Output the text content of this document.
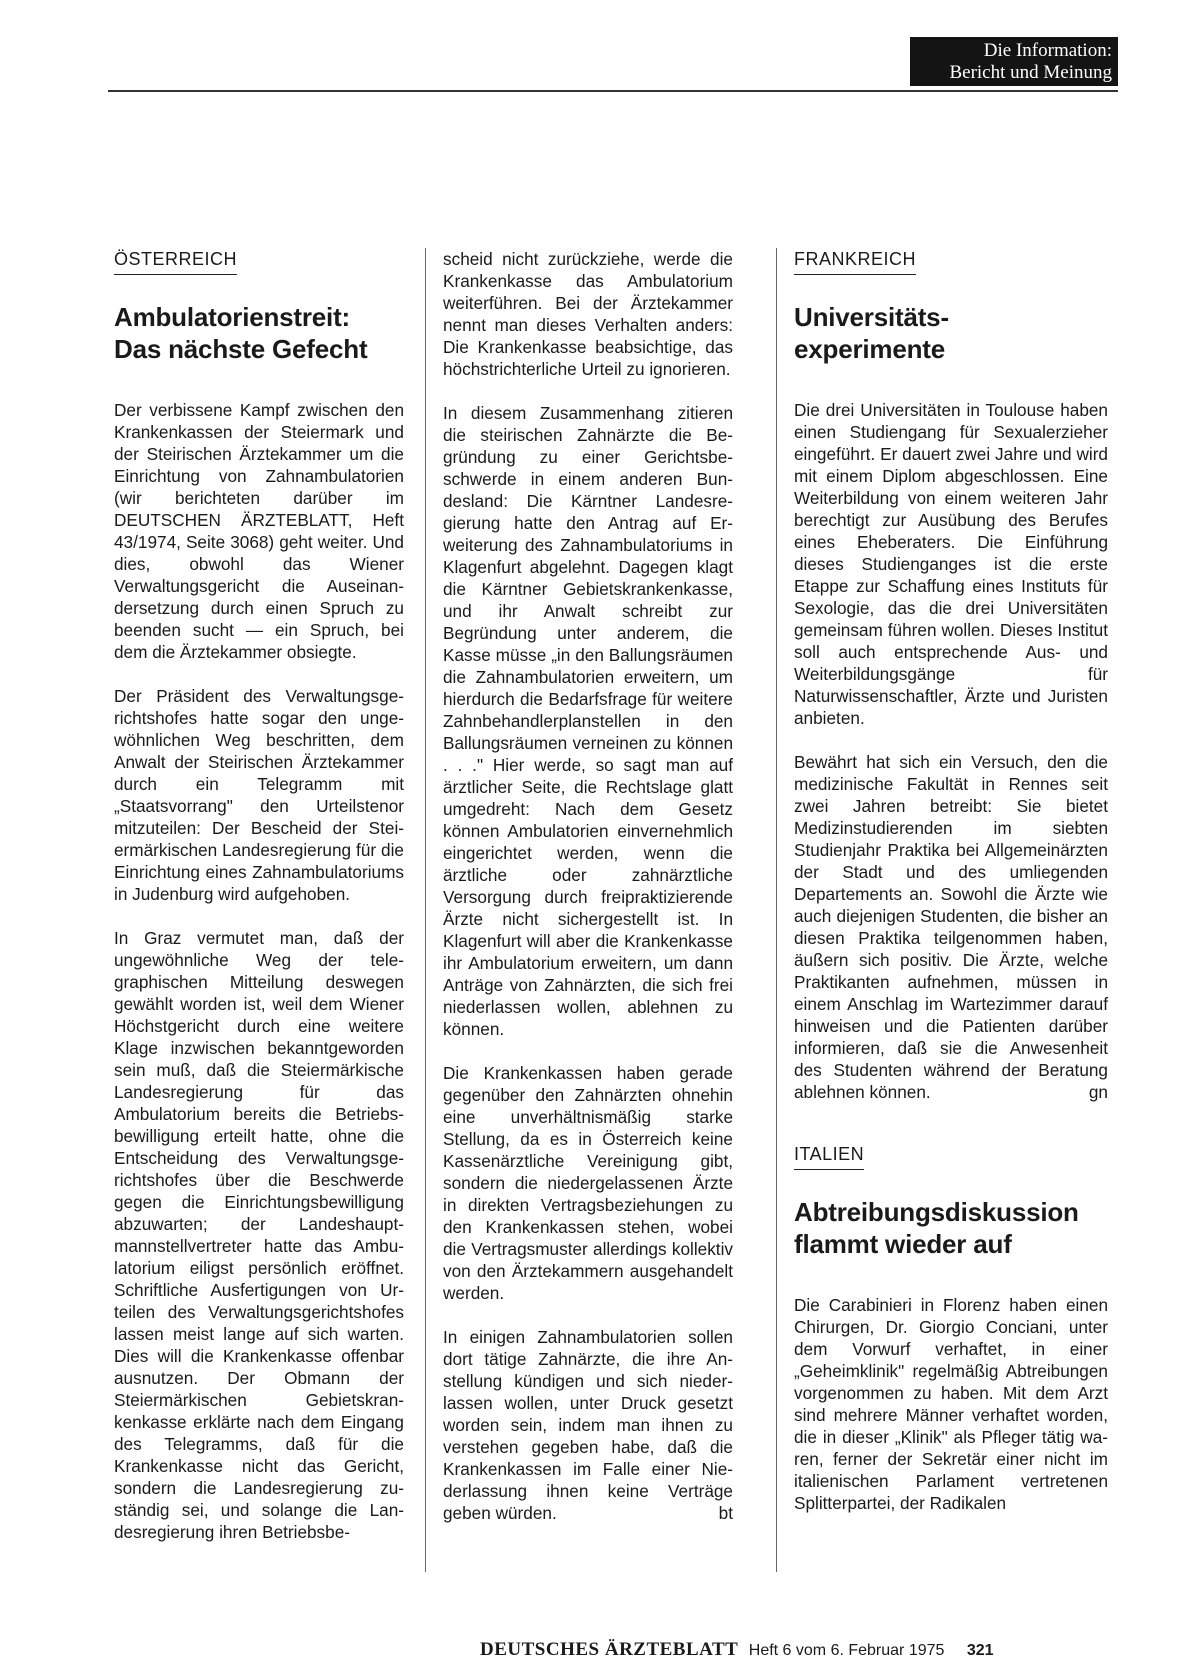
Die Information:
Bericht und Meinung
ÖSTERREICH
Ambulatorienstreit:
Das nächste Gefecht

Der verbissene Kampf zwischen den Krankenkassen der Steiermark und der Steirischen Ärztekammer um die Einrichtung von Zahnambulatorien (wir berichteten darüber im DEUTSCHEN ÄRZTEBLATT, Heft 43/1974, Seite 3068) geht weiter. Und dies, obwohl das Wiener Verwaltungsgericht die Auseinandersetzung durch einen Spruch zu beenden sucht — ein Spruch, bei dem die Ärztekammer obsiegte.

Der Präsident des Verwaltungsgerichtshofes hatte sogar den ungewöhnlichen Weg beschritten, dem Anwalt der Steirischen Ärztekammer durch ein Telegramm mit „Staatsvorrang" den Urteilstenor mitzuteilen: Der Bescheid der Steiermärkischen Landesregierung für die Einrichtung eines Zahnambulatoriums in Judenburg wird aufgehoben.

In Graz vermutet man, daß der ungewöhnliche Weg der telegraphischen Mitteilung deswegen gewählt worden ist, weil dem Wiener Höchstgericht durch eine weitere Klage inzwischen bekanntgeworden sein muß, daß die Steiermärkische Landesregierung für das Ambulatorium bereits die Betriebsbewilligung erteilt hatte, ohne die Entscheidung des Verwaltungsgerichtshofes über die Beschwerde gegen die Einrichtungsbewilligung abzuwarten; der Landeshauptmannstellvertreter hatte das Ambulatorium eiligst persönlich eröffnet. Schriftliche Ausfertigungen von Urteilen des Verwaltungsgerichtshofes lassen meist lange auf sich warten. Dies will die Krankenkasse offenbar ausnutzen. Der Obmann der Steiermärkischen Gebietskrankenkasse erklärte nach dem Eingang des Telegramms, daß für die Krankenkasse nicht das Gericht, sondern die Landesregierung zuständig sei, und solange die Landesregierung ihren Betriebsbe-

scheid nicht zurückziehe, werde die Krankenkasse das Ambulatorium weiterführen. Bei der Ärztekammer nennt man dieses Verhalten anders: Die Krankenkasse beabsichtige, das höchstrichterliche Urteil zu ignorieren.

In diesem Zusammenhang zitieren die steirischen Zahnärzte die Begründung zu einer Gerichtsbeschwerde in einem anderen Bundesland: Die Kärntner Landesregierung hatte den Antrag auf Erweiterung des Zahnambulatoriums in Klagenfurt abgelehnt. Dagegen klagt die Kärntner Gebietskrankenkasse, und ihr Anwalt schreibt zur Begründung unter anderem, die Kasse müsse „in den Ballungsräumen die Zahnambulatorien erweitern, um hierdurch die Bedarfsfrage für weitere Zahnbehandlerplanstellen in den Ballungsräumen verneinen zu können . . ." Hier werde, so sagt man auf ärztlicher Seite, die Rechtslage glatt umgedreht: Nach dem Gesetz können Ambulatorien einvernehmlich eingerichtet werden, wenn die ärztliche oder zahnärztliche Versorgung durch freipraktizierende Ärzte nicht sichergestellt ist. In Klagenfurt will aber die Krankenkasse ihr Ambulatorium erweitern, um dann Anträge von Zahnärzten, die sich frei niederlassen wollen, ablehnen zu können.

Die Krankenkassen haben gerade gegenüber den Zahnärzten ohnehin eine unverhältnismäßig starke Stellung, da es in Österreich keine Kassenärztliche Vereinigung gibt, sondern die niedergelassenen Ärzte in direkten Vertragsbeziehungen zu den Krankenkassen stehen, wobei die Vertragsmuster allerdings kollektiv von den Ärztekammern ausgehandelt werden.

In einigen Zahnambulatorien sollen dort tätige Zahnärzte, die ihre Anstellung kündigen und sich niederlassen wollen, unter Druck gesetzt worden sein, indem man ihnen zu verstehen gegeben habe, daß die Krankenkassen im Falle einer Niederlassung ihnen keine Verträge geben würden.	bt

FRANKREICH
Universitäts-
experimente

Die drei Universitäten in Toulouse haben einen Studiengang für Sexualerzieher eingeführt. Er dauert zwei Jahre und wird mit einem Diplom abgeschlossen. Eine Weiterbildung von einem weiteren Jahr berechtigt zur Ausübung des Berufes eines Eheberaters. Die Einführung dieses Studienganges ist die erste Etappe zur Schaffung eines Instituts für Sexologie, das die drei Universitäten gemeinsam führen wollen. Dieses Institut soll auch entsprechende Aus- und Weiterbildungsgänge für Naturwissenschaftler, Ärzte und Juristen anbieten.

Bewährt hat sich ein Versuch, den die medizinische Fakultät in Rennes seit zwei Jahren betreibt: Sie bietet Medizinstudierenden im siebten Studienjahr Praktika bei Allgemeinärzten der Stadt und des umliegenden Departements an. Sowohl die Ärzte wie auch diejenigen Studenten, die bisher an diesen Praktika teilgenommen haben, äußern sich positiv. Die Ärzte, welche Praktikanten aufnehmen, müssen in einem Anschlag im Wartezimmer darauf hinweisen und die Patienten darüber informieren, daß sie die Anwesenheit des Studenten während der Beratung ablehnen können.	gn

ITALIEN
Abtreibungsdiskussion
flammt wieder auf

Die Carabinieri in Florenz haben einen Chirurgen, Dr. Giorgio Conciani, unter dem Vorwurf verhaftet, in einer „Geheimklinik" regelmäßig Abtreibungen vorgenommen zu haben. Mit dem Arzt sind mehrere Männer verhaftet worden, die in dieser „Klinik" als Pfleger tätig waren, ferner der Sekretär einer nicht im italienischen Parlament vertretenen Splitterpartei, der Radikalen

DEUTSCHES ÄRZTEBLATT Heft 6 vom 6. Februar 1975 321
